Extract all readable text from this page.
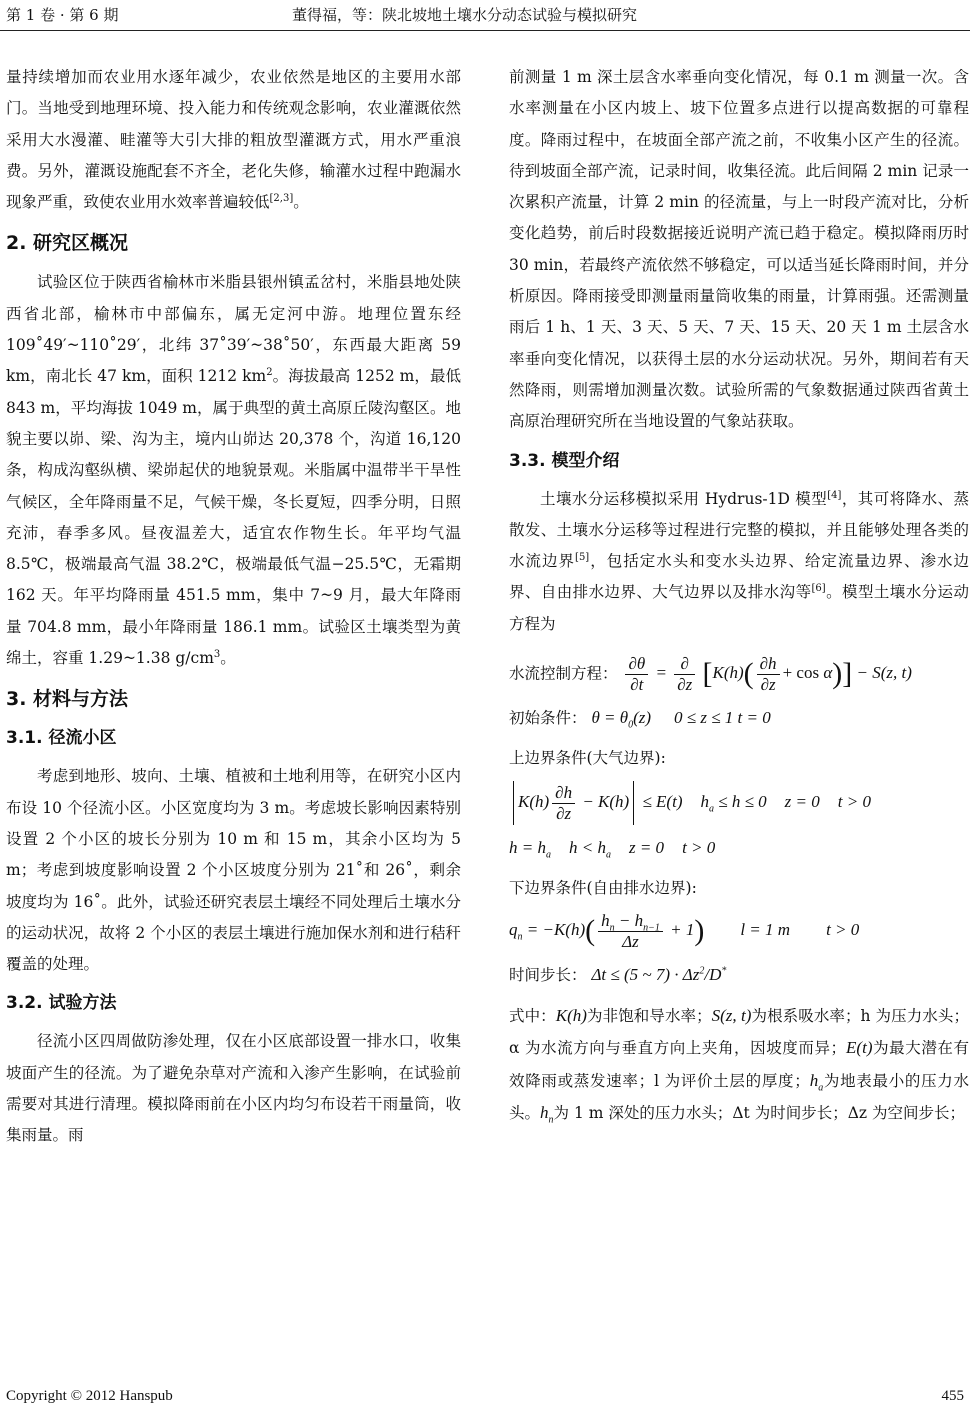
第 1 卷 · 第 6 期	董得福，等：陕北坡地土壤水分动态试验与模拟研究

量持续增加而农业用水逐年减少，农业依然是地区的主要用水部门。当地受到地理环境、投入能力和传统观念影响，农业灌溉依然采用大水漫灌、畦灌等大引大排的粗放型灌溉方式，用水严重浪费。另外，灌溉设施配套不齐全，老化失修，输灌水过程中跑漏水现象严重，致使农业用水效率普遍较低[2,3]。

2. 研究区概况

试验区位于陕西省榆林市米脂县银州镇孟岔村，米脂县地处陕西省北部，榆林市中部偏东，属无定河中游。地理位置东经 109˚49′~110˚29′，北纬 37˚39′~38˚50′，东西最大距离 59 km，南北长 47 km，面积 1212 $km^2$。海拔最高 1252 m，最低 843 m，平均海拔 1049 m，属于典型的黄土高原丘陵沟壑区。地貌主要以峁、梁、沟为主，境内山峁达 20,378 个，沟道 16,120 条，构成沟壑纵横、梁峁起伏的地貌景观。米脂属中温带半干旱性气候区，全年降雨量不足，气候干燥，冬长夏短，四季分明，日照充沛，春季多风。昼夜温差大，适宜农作物生长。年平均气温 8.5℃，极端最高气温 38.2℃，极端最低气温−25.5℃，无霜期 162 天。年平均降雨量 451.5 mm，集中 7~9 月，最大年降雨量 704.8 mm，最小年降雨量 186.1 mm。试验区土壤类型为黄绵土，容重 1.29~1.38 $g/cm^3$。

3. 材料与方法
3.1. 径流小区

考虑到地形、坡向、土壤、植被和土地利用等，在研究小区内布设 10 个径流小区。小区宽度均为 3 m。考虑坡长影响因素特别设置 2 个小区的坡长分别为 10 m 和 15 m，其余小区均为 5 m；考虑到坡度影响设置 2 个小区坡度分别为 21˚和 26˚，剩余坡度均为 16˚。此外，试验还研究表层土壤经不同处理后土壤水分的运动状况，故将 2 个小区的表层土壤进行施加保水剂和进行秸秆覆盖的处理。

3.2. 试验方法

径流小区四周做防渗处理，仅在小区底部设置一排水口，收集坡面产生的径流。为了避免杂草对产流和入渗产生影响，在试验前需要对其进行清理。模拟降雨前在小区内均匀布设若干雨量筒，收集雨量。雨

前测量 1 m 深土层含水率垂向变化情况，每 0.1 m 测量一次。含水率测量在小区内坡上、坡下位置多点进行以提高数据的可靠程度。降雨过程中，在坡面全部产流之前，不收集小区产生的径流。待到坡面全部产流，记录时间，收集径流。此后间隔 2 min 记录一次累积产流量，计算 2 min 的径流量，与上一时段产流对比，分析变化趋势，前后时段数据接近说明产流已趋于稳定。模拟降雨历时 30 min，若最终产流依然不够稳定，可以适当延长降雨时间，并分析原因。降雨接受即测量雨量筒收集的雨量，计算雨强。还需测量雨后 1 h、1 天、3 天、5 天、7 天、15 天、20 天 1 m 土层含水率垂向变化情况，以获得土层的水分运动状况。另外，期间若有天然降雨，则需增加测量次数。试验所需的气象数据通过陕西省黄土高原治理研究所在当地设置的气象站获取。

3.3. 模型介绍

土壤水分运移模拟采用 Hydrus-1D 模型[4]，其可将降水、蒸散发、土壤水分运移等过程进行完整的模拟，并且能够处理各类的水流边界[5]，包括定水头和变水头边界、给定流量边界、渗水边界、自由排水边界、大气边界以及排水沟等[6]。模型土壤水分运动方程为

水流控制方程： $\frac{\partial\theta}{\partial t} = \frac{\partial}{\partial z} [K(h)( \frac{\partial h}{\partial z} + \cos \alpha)] - S(z$, t)
初始条件： $\theta = \theta_0(z) 0 \le z \le 1$ t = 0
上边界条件(大气边界):
$K(h) \frac{\partial h}{\partial z} - K(h) \le E(t) h_a \le h \le 0$ z = 0 t > 0
$h = h_a$ $h < h_a$ z = 0 t > 0
下边界条件(自由排水边界):
$q_n = -K(h)( \frac{h_n - h_{n-1}}{\Delta z} + 1) l = 1$ m t > 0
时间步长： Δt ≤ (5 ~ $7) \cdot \Delta z^2/D^*$

式中：K(h)为非饱和导水率；S(z, t)为根系吸水率；h 为压力水头；α 为水流方向与垂直方向上夹角，因坡度而异；E(t)为最大潜在有效降雨或蒸发速率；l 为评价土层的厚度；$h_a$为地表最小的压力水头。$h_n$为 1 m 深处的压力水头；Δt 为时间步长；Δz 为空间步长；

Copyright © 2012 Hanspub	455
